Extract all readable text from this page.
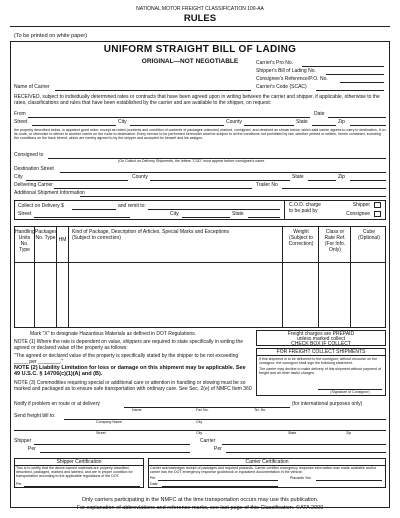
NATIONAL MOTOR FREIGHT CLASSIFICATION 100-AA
RULES
(To be printed on white paper)
UNIFORM STRAIGHT BILL OF LADING
ORIGINAL—NOT NEGOTIABLE	Carrier's Pro No.
Shipper's Bill of Lading No.
Consignee's Reference/P.O. No.
Carrier's Code (SCAC)
Name of Carrier
RECEIVED, subject to individually determined rates or contracts that have been agreed upon in writing between the carrier and shipper, if applicable, otherwise to the rates, classifications and rules that have been established by the carrier and are available to the shipper, on request:
From	Date
Street	City	County	State	Zip
the property described below, in apparent good order, except as noted (contents and condition of contents of packages unknown) marked, consigned, and destined as shown below, which said carrier agrees to carry to destination, if on its route, or otherwise to deliver to another carrier on the route to destination. Every service to be performed hereunder shall be subject to all the conditions not prohibited by law, whether printed or written, herein contained, including the conditions on the back hereof, which are hereby agreed to by the shipper and accepted for himself and his assigns.
Consigned to
(On Collect on Delivery Shipments, the letters "COD" must appear before consignee's name.
Destination Street
City	County	State	Zip
Delivering Carrier	Trailer No
Additional Shipment Information
Collect on Delivery $	and remit to:
Street	City	State
C.O.D. charge
to be paid by
Shipper
Consignee
Handling Units No. Type
Packages No. Type HM
Kind of Package, Description of Articles, Special Marks and Exceptions
(Subject to correction)
Weight (Subject to Correction)
Class or Rate Ref. (For Info. Only)
Cube (Optional)
Mark "X" to designate Hazardous Materials as defined in DOT Regulations.
NOTE (1) Where the rate is dependent on value, shippers are required to state specifically in writing the agreed or declared value of the property as follows:
"The agreed or declared value of the property is specifically stated by the shipper to be not exceeding _____ per ________."
NOTE (2) Liability Limitation for loss or damage on this shipment may be applicable. See 49 U.S.C. § 14706(c)(1)(A) and (B).
NOTE (3) Commodities requiring special or additional care or attention in handling or stowing must be so marked and packaged as to ensure safe transportation with ordinary care. See Sec. 2(e) of NMFC Item 360
Freight charges are PREPAID
unless marked collect
CHECK BOX IF COLLECT
FOR FREIGHT COLLECT SHIPMENTS
If this shipment is to be delivered to the consignor, without recourse on the consignor, the consignor shall sign the following statement.
The carrier may decline to make delivery of this shipment without payment of freight and all other lawful charges.
(Signature of Consignor)
Notify if problem en route or at delivery	(for international purposes only)
Name	Fax No.	Tel. No.
Send freight bill to:
Company Name	City
Street	City	State	Zip
Shipper	Carrier
Per	Per
Shipper Certification
This is to certify that the above-named materials are properly classified, described, packaged, marked and labeled, and are in proper condition for transportation according to the applicable regulations of the DOT.
Per
Carrier Certification
Carrier acknowledges receipt of packages and required placards. Carrier certifies emergency response information was made available and/or carrier has the DOT emergency response guidebook or equivalent documentation in the vehicle.
Per	Placards Yes
Date
Only carriers participating in the NMFC at the time transportation occurs may use this publication.
For explanation of abbreviations and reference marks, see last page of this Classification. ©ATA 2000
